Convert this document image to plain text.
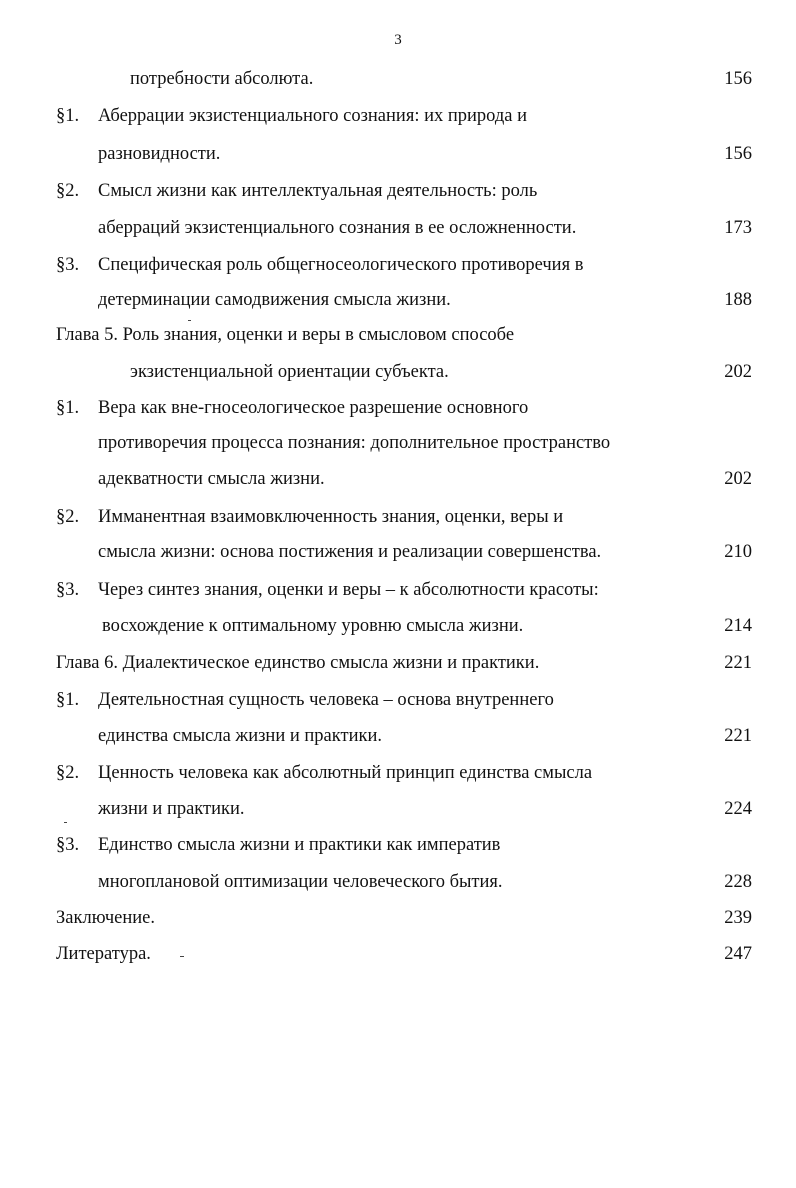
3
потребности абсолюта.	156
§1. Аберрации экзистенциального сознания: их природа и
разновидности.	156
§2. Смысл жизни как интеллектуальная деятельность: роль
аберраций экзистенциального сознания в ее осложненности.	173
§3. Специфическая роль общегносеологического противоречия в
детерминации самодвижения смысла жизни.	188
Глава 5. Роль знания, оценки и веры в смысловом способе
экзистенциальной ориентации субъекта.	202
§1. Вера как вне-гносеологическое разрешение основного
противоречия процесса познания: дополнительное пространство
адекватности смысла жизни.	202
§2. Имманентная взаимовключенность знания, оценки, веры и
смысла жизни: основа постижения и реализации совершенства.	210
§3. Через синтез знания, оценки и веры – к абсолютности красоты:
восхождение к оптимальному уровню смысла жизни.	214
Глава 6. Диалектическое единство смысла жизни и практики.	221
§1. Деятельностная сущность человека – основа внутреннего
единства смысла жизни и практики.	221
§2. Ценность человека как абсолютный принцип единства смысла
жизни и практики.	224
§3. Единство смысла жизни и практики как императив
многоплановой оптимизации человеческого бытия.	228
Заключение.	239
Литература.	247
